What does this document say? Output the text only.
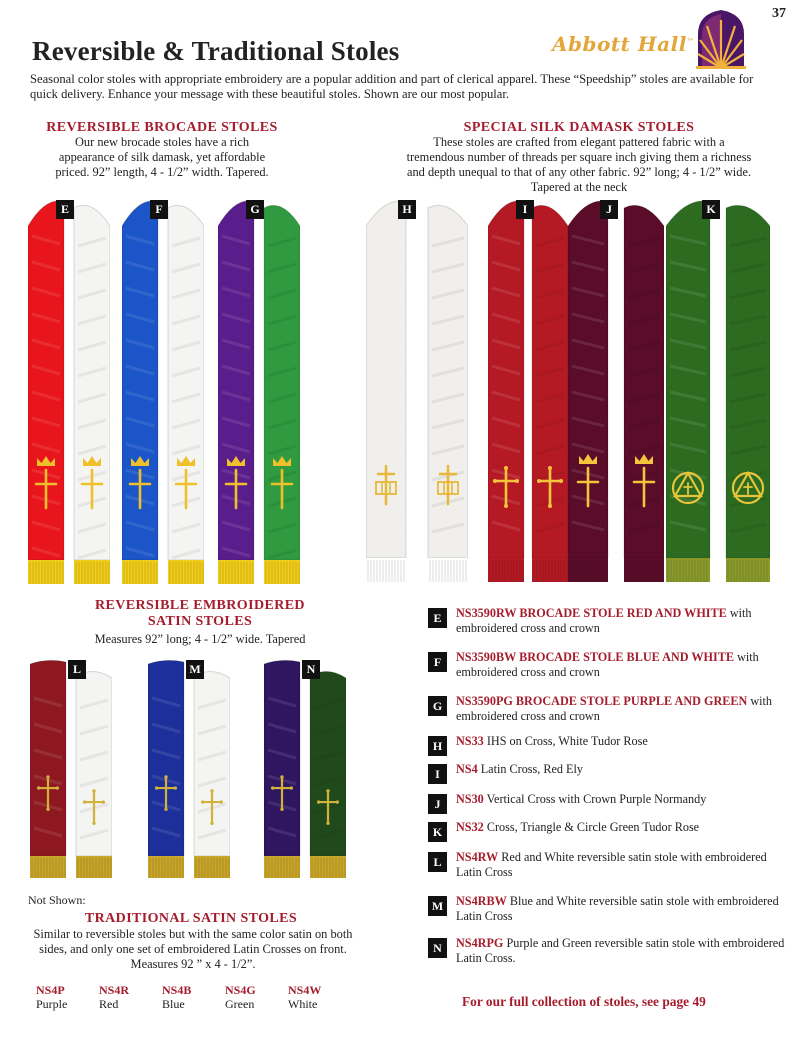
37
Reversible & Traditional Stoles	Abbott Hall™

Seasonal color stoles with appropriate embroidery are a popular addition and part of clerical apparel. These “Speedship” stoles are available for quick delivery. Enhance your message with these beautiful stoles. Shown are our most popular.

REVERSIBLE BROCADE STOLES
Our new brocade stoles have a rich appearance of silk damask, yet affordable priced. 92” length, 4 - 1/2” width. Tapered.
SPECIAL SILK DAMASK STOLES
These stoles are crafted from elegant pattered fabric with a tremendous number of threads per square inch giving them a richness and depth unequal to that of any other fabric. 92” long; 4 - 1/2” wide. Tapered at the neck
REVERSIBLE EMBROIDERED
SATIN STOLES
Measures 92” long; 4 - 1/2” wide. Tapered
E	F	G	H	I	J	K
L	M	N
E	NS3590RW BROCADE STOLE RED AND WHITE with embroidered cross and crown
F	NS3590BW BROCADE STOLE BLUE AND WHITE with embroidered cross and crown
G	NS3590PG BROCADE STOLE PURPLE AND GREEN with embroidered cross and crown
H	NS33 IHS on Cross, White Tudor Rose
I	NS4 Latin Cross, Red Ely
J	NS30 Vertical Cross with Crown Purple Normandy
K	NS32 Cross, Triangle & Circle Green Tudor Rose
L	NS4RW Red and White reversible satin stole with embroidered Latin Cross
M	NS4RBW Blue and White reversible satin stole with embroidered Latin Cross
N	NS4RPG Purple and Green reversible satin stole with embroidered Latin Cross.
Not Shown:
TRADITIONAL SATIN STOLES
Similar to reversible stoles but with the same color satin on both sides, and only one set of embroidered Latin Crosses on front. Measures 92 ” x 4 - 1/2”.
NS4P
Purple
NS4R
Red
NS4B
Blue
NS4G
Green
NS4W
White	For our full collection of stoles, see page 49
